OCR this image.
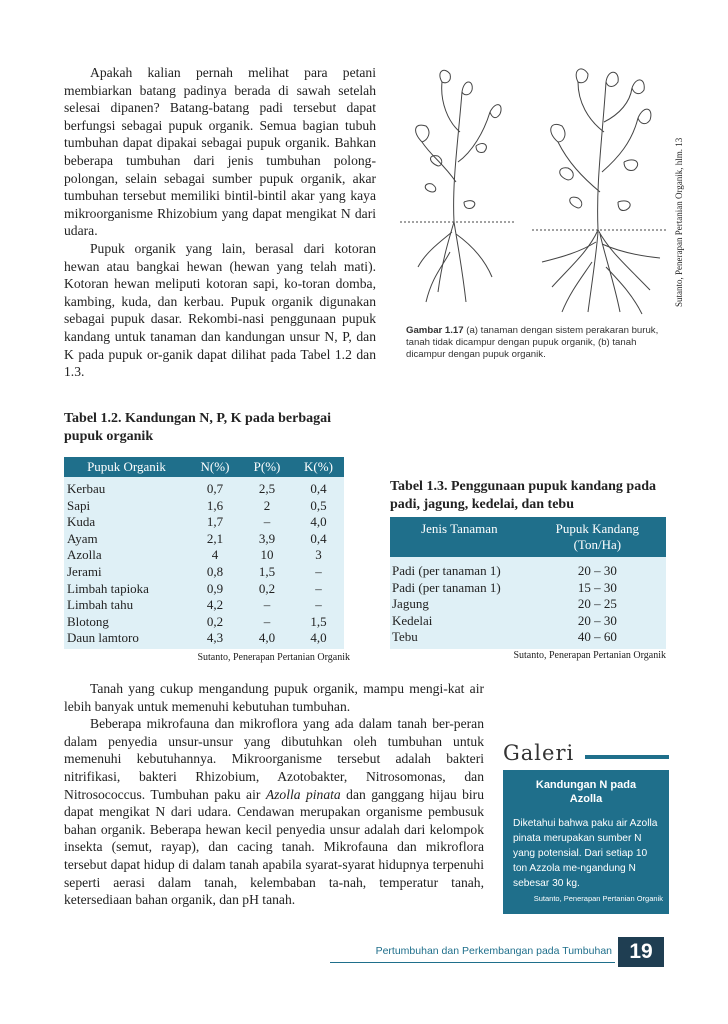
Apakah kalian pernah melihat para petani membiarkan batang padinya berada di sawah setelah selesai dipanen? Batang-batang padi tersebut dapat berfungsi sebagai pupuk organik. Semua bagian tubuh tumbuhan dapat dipakai sebagai pupuk organik. Bahkan beberapa tumbuhan dari jenis tumbuhan polong-polongan, selain sebagai sumber pupuk organik, akar tumbuhan tersebut memiliki bintil-bintil akar yang kaya mikroorganisme Rhizobium yang dapat mengikat N dari udara.

Pupuk organik yang lain, berasal dari kotoran hewan atau bangkai hewan (hewan yang telah mati). Kotoran hewan meliputi kotoran sapi, ko-toran domba, kambing, kuda, dan kerbau. Pupuk organik digunakan sebagai pupuk dasar. Rekombi-nasi penggunaan pupuk kandang untuk tanaman dan kandungan unsur N, P, dan K pada pupuk or-ganik dapat dilihat pada Tabel 1.2 dan 1.3.

Sutanto, Penerapan Pertanian Organik, hlm. 13
Gambar 1.17 (a) tanaman dengan sistem perakaran buruk, tanah tidak dicampur dengan pupuk organik, (b) tanah dicampur dengan pupuk organik.
Tabel 1.2. Kandungan N, P, K pada berbagai pupuk organik
Pupuk Organik	N(%)	P(%)	K(%)
Kerbau	0,7	2,5	0,4
Sapi	1,6	2	0,5
Kuda	1,7	–	4,0
Ayam	2,1	3,9	0,4
Azolla	4	10	3
Jerami	0,8	1,5	–
Limbah tapioka	0,9	0,2	–
Limbah tahu	4,2	–	–
Blotong	0,2	–	1,5
Daun lamtoro	4,3	4,0	4,0
Sutanto, Penerapan Pertanian Organik
Tabel 1.3. Penggunaan pupuk kandang pada padi, jagung, kedelai, dan tebu
Jenis Tanaman	Pupuk Kandang (Ton/Ha)
Padi (per tanaman 1)	20 – 30
Padi (per tanaman 1)	15 – 30
Jagung	20 – 25
Kedelai	20 – 30
Tebu	40 – 60
Sutanto, Penerapan Pertanian Organik

Tanah yang cukup mengandung pupuk organik, mampu mengi-kat air lebih banyak untuk memenuhi kebutuhan tumbuhan.

Beberapa mikrofauna dan mikroflora yang ada dalam tanah ber-peran dalam penyedia unsur-unsur yang dibutuhkan oleh tumbuhan untuk memenuhi kebutuhannya. Mikroorganisme tersebut adalah bakteri nitrifikasi, bakteri Rhizobium, Azotobakter, Nitrosomonas, dan Nitrosococcus. Tumbuhan paku air Azolla pinata dan ganggang hijau biru dapat mengikat N dari udara. Cendawan merupakan organisme pembusuk bahan organik. Beberapa hewan kecil penyedia unsur adalah dari kelompok insekta (semut, rayap), dan cacing tanah. Mikrofauna dan mikroflora tersebut dapat hidup di dalam tanah apabila syarat-syarat hidupnya terpenuhi seperti aerasi dalam tanah, kelembaban ta-nah, temperatur tanah, ketersediaan bahan organik, dan pH tanah.

Galeri
Kandungan N pada Azolla
Diketahui bahwa paku air Azolla pinata merupakan sumber N yang potensial. Dari setiap 10 ton Azzola me-ngandung N sebesar 30 kg.
Sutanto, Penerapan Pertanian Organik
Pertumbuhan dan Perkembangan pada Tumbuhan 19
